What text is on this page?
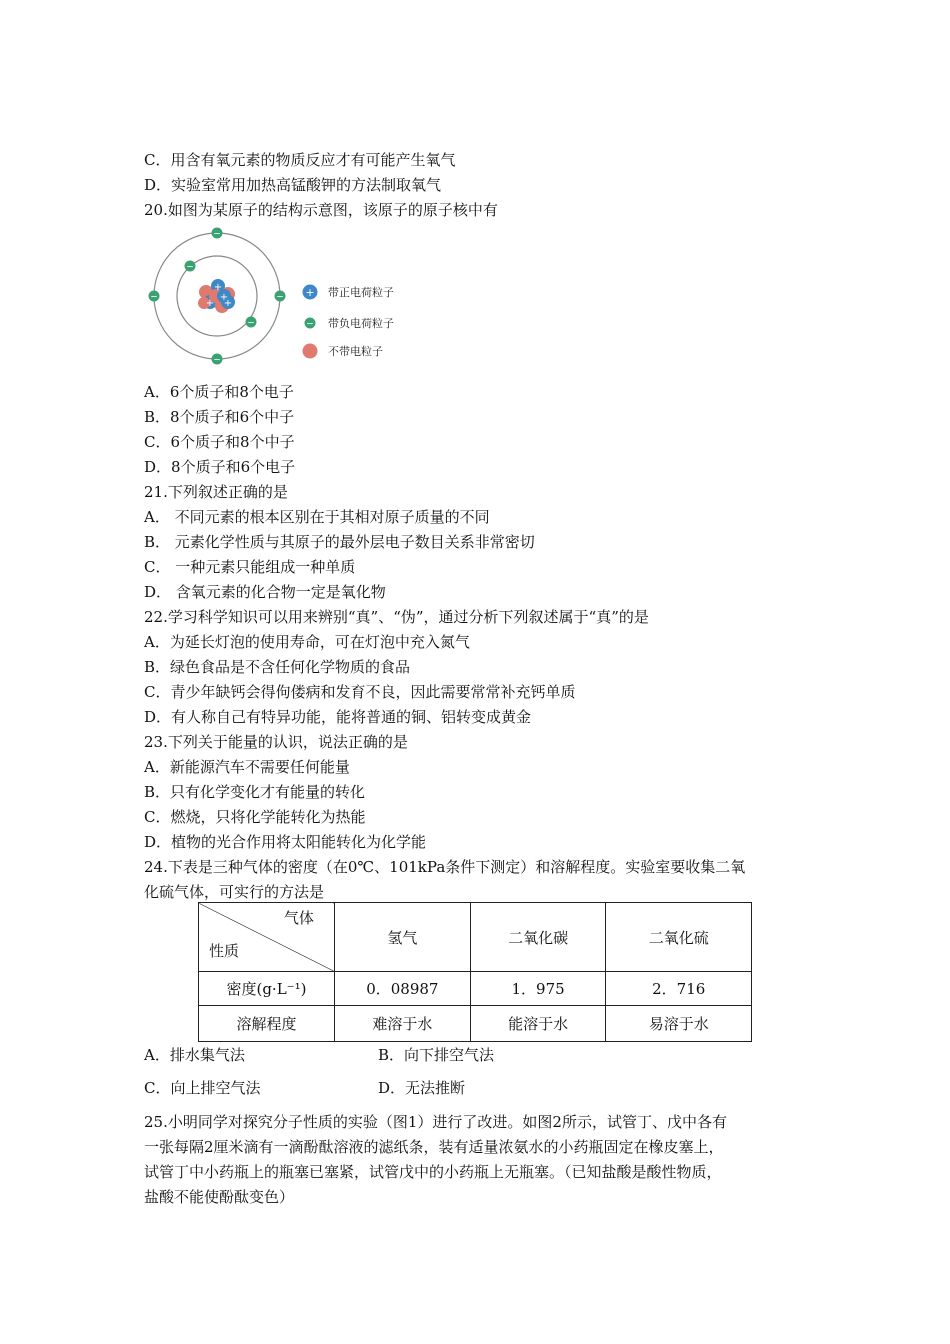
C．用含有氧元素的物质反应才有可能产生氧气
D．实验室常用加热高锰酸钾的方法制取氧气
20.如图为某原子的结构示意图，该原子的原子核中有
+
+
+ +
−
−
−
−
−	− + 带正电荷粒子
− 带负电荷粒子
不带电粒子
A．6个质子和8个电子
B．8个质子和6个中子
C．6个质子和8个中子
D．8个质子和6个电子
21.下列叙述正确的是
A． 不同元素的根本区别在于其相对原子质量的不同
B． 元素化学性质与其原子的最外层电子数目关系非常密切
C． 一种元素只能组成一种单质
D． 含氧元素的化合物一定是氧化物
22.学习科学知识可以用来辨别“真”、“伪”，通过分析下列叙述属于“真”的是
A．为延长灯泡的使用寿命，可在灯泡中充入氮气
B．绿色食品是不含任何化学物质的食品
C．青少年缺钙会得佝偻病和发育不良，因此需要常常补充钙单质
D．有人称自己有特异功能，能将普通的铜、铝转变成黄金
23.下列关于能量的认识，说法正确的是
A．新能源汽车不需要任何能量
B．只有化学变化才有能量的转化
C．燃烧，只将化学能转化为热能
D．植物的光合作用将太阳能转化为化学能
24.下表是三种气体的密度（在0℃、101kPa条件下测定）和溶解程度。实验室要收集二氧
化硫气体，可实行的方法是
气体
性质	氢气	二氧化碳	二氧化硫
密度(g·L⁻¹)	0．08987	1．975	2．716
溶解程度	难溶于水	能溶于水	易溶于水
A．排水集气法	B．向下排空气法
C．向上排空气法	D．无法推断
25.小明同学对探究分子性质的实验（图1）进行了改进。如图2所示，试管丁、戊中各有
一张每隔2厘米滴有一滴酚酞溶液的滤纸条，装有适量浓氨水的小药瓶固定在橡皮塞上，
试管丁中小药瓶上的瓶塞已塞紧，试管戊中的小药瓶上无瓶塞。（已知盐酸是酸性物质，
盐酸不能使酚酞变色）
